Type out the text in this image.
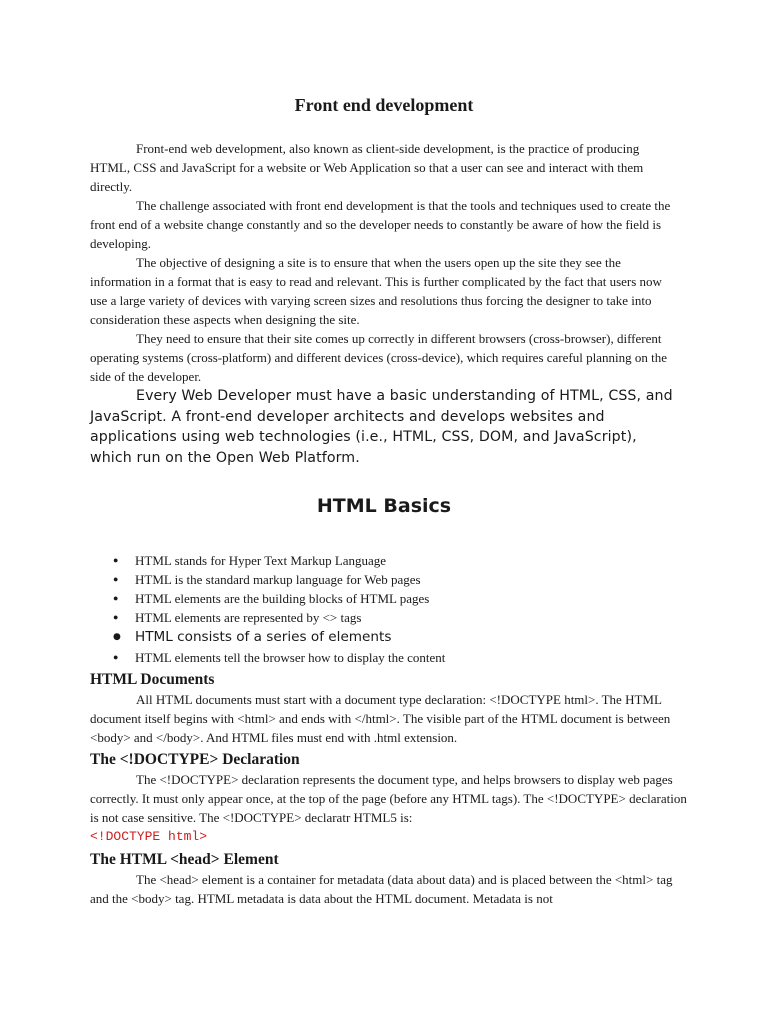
Front end development

Front-end web development, also known as client-side development, is the practice of producing HTML, CSS and JavaScript for a website or Web Application so that a user can see and interact with them directly.

The challenge associated with front end development is that the tools and techniques used to create the front end of a website change constantly and so the developer needs to constantly be aware of how the field is developing.

The objective of designing a site is to ensure that when the users open up the site they see the information in a format that is easy to read and relevant. This is further complicated by the fact that users now use a large variety of devices with varying screen sizes and resolutions thus forcing the designer to take into consideration these aspects when designing the site.

They need to ensure that their site comes up correctly in different browsers (cross-browser), different operating systems (cross-platform) and different devices (cross-device), which requires careful planning on the side of the developer.

Every Web Developer must have a basic understanding of HTML, CSS, and JavaScript. A front-end developer architects and develops websites and applications using web technologies (i.e., HTML, CSS, DOM, and JavaScript), which run on the Open Web Platform.

HTML Basics
● HTML stands for Hyper Text Markup Language
● HTML is the standard markup language for Web pages
● HTML elements are the building blocks of HTML pages
● HTML elements are represented by <> tags
● HTML consists of a series of elements
● HTML elements tell the browser how to display the content
HTML Documents

All HTML documents must start with a document type declaration: <!DOCTYPE html>. The HTML document itself begins with <html> and ends with </html>. The visible part of the HTML document is between <body> and </body>. And HTML files must end with .html extension.

The <!DOCTYPE> Declaration

The <!DOCTYPE> declaration represents the document type, and helps browsers to display web pages correctly. It must only appear once, at the top of the page (before any HTML tags). The <!DOCTYPE> declaration is not case sensitive. The <!DOCTYPE> declaratr HTML5 is:

<!DOCTYPE html>
The HTML <head> Element

The <head> element is a container for metadata (data about data) and is placed between the <html> tag and the <body> tag. HTML metadata is data about the HTML document. Metadata is not
